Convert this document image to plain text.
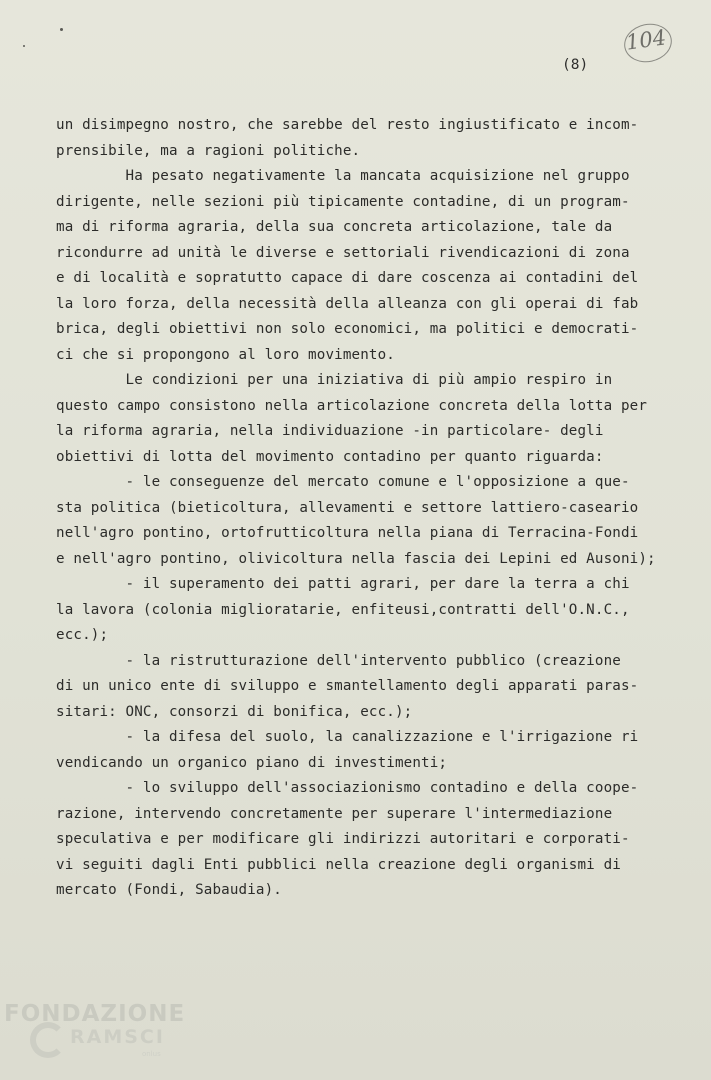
104
(8)
un disimpegno nostro, che sarebbe del resto ingiustificato e incom-
prensibile, ma a ragioni politiche.
Ha pesato negativamente la mancata acquisizione nel gruppo
dirigente, nelle sezioni più tipicamente contadine, di un program-
ma di riforma agraria, della sua concreta articolazione, tale da
ricondurre ad unità le diverse e settoriali rivendicazioni di zona
e di località e sopratutto capace di dare coscenza ai contadini del
la loro forza, della necessità della alleanza con gli operai di fab
brica, degli obiettivi non solo economici, ma politici e democrati-
ci che si propongono al loro movimento.
Le condizioni per una iniziativa di più ampio respiro in
questo campo consistono nella articolazione concreta della lotta per
la riforma agraria, nella individuazione -in particolare- degli
obiettivi di lotta del movimento contadino per quanto riguarda:
- le conseguenze del mercato comune e l'opposizione a que-
sta politica (bieticoltura, allevamenti e settore lattiero-caseario
nell'agro pontino, ortofrutticoltura nella piana di Terracina-Fondi
e nell'agro pontino, olivicoltura nella fascia dei Lepini ed Ausoni);
- il superamento dei patti agrari, per dare la terra a chi
la lavora (colonia miglioratarie, enfiteusi,contratti dell'O.N.C.,
ecc.);
- la ristrutturazione dell'intervento pubblico (creazione
di un unico ente di sviluppo e smantellamento degli apparati paras-
sitari: ONC, consorzi di bonifica, ecc.);
- la difesa del suolo, la canalizzazione e l'irrigazione ri
vendicando un organico piano di investimenti;
- lo sviluppo dell'associazionismo contadino e della coope-
razione, intervendo concretamente per superare l'intermediazione
speculativa e per modificare gli indirizzi autoritari e corporati-
vi seguiti dagli Enti pubblici nella creazione degli organismi di
mercato (Fondi, Sabaudia).
FONDAZIONE
RAMSCI
onlus
